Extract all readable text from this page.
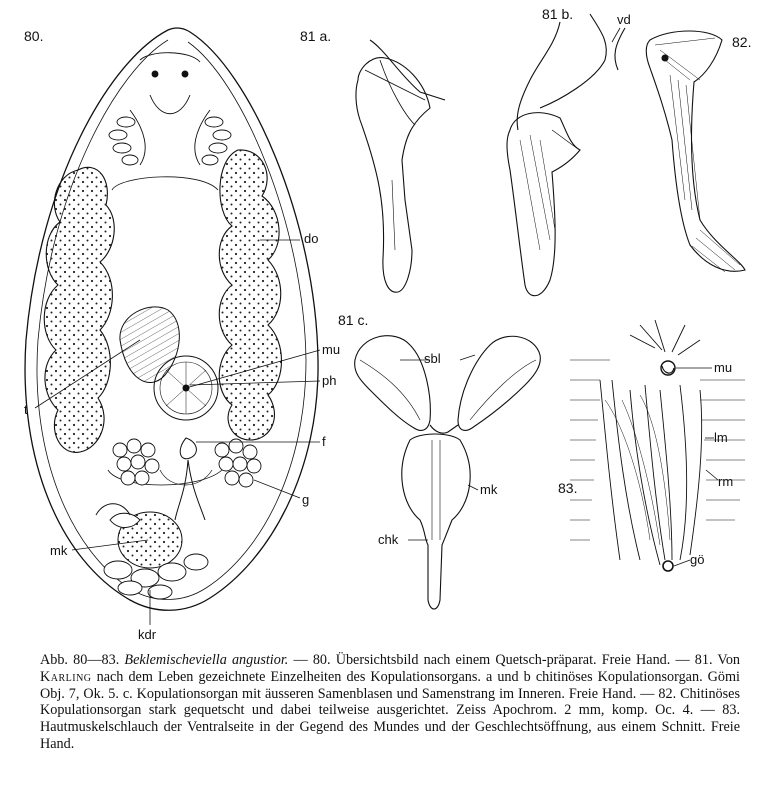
80.	81 a.
81 b.
81 c.
82.
83.
do
mu
ph
t
f
g
mk
kdr
vd
sbl
mk
chk
mu
lm
rm
gö

Abb. 80—83. Beklemischeviella angustior. — 80. Übersichtsbild nach einem Quetsch-präparat. Freie Hand. — 81. Von Karling nach dem Leben gezeichnete Einzelheiten des Kopulationsorgans. a und b chitinöses Kopulationsorgan. Gömi Obj. 7, Ok. 5. c. Kopulationsorgan mit äusseren Samenblasen und Samenstrang im Inneren. Freie Hand. — 82. Chitinöses Kopulationsorgan stark gequetscht und dabei teilweise ausgerichtet. Zeiss Apochrom. 2 mm, komp. Oc. 4. — 83. Hautmuskelschlauch der Ventralseite in der Gegend des Mundes und der Geschlechtsöffnung, aus einem Schnitt. Freie Hand.
